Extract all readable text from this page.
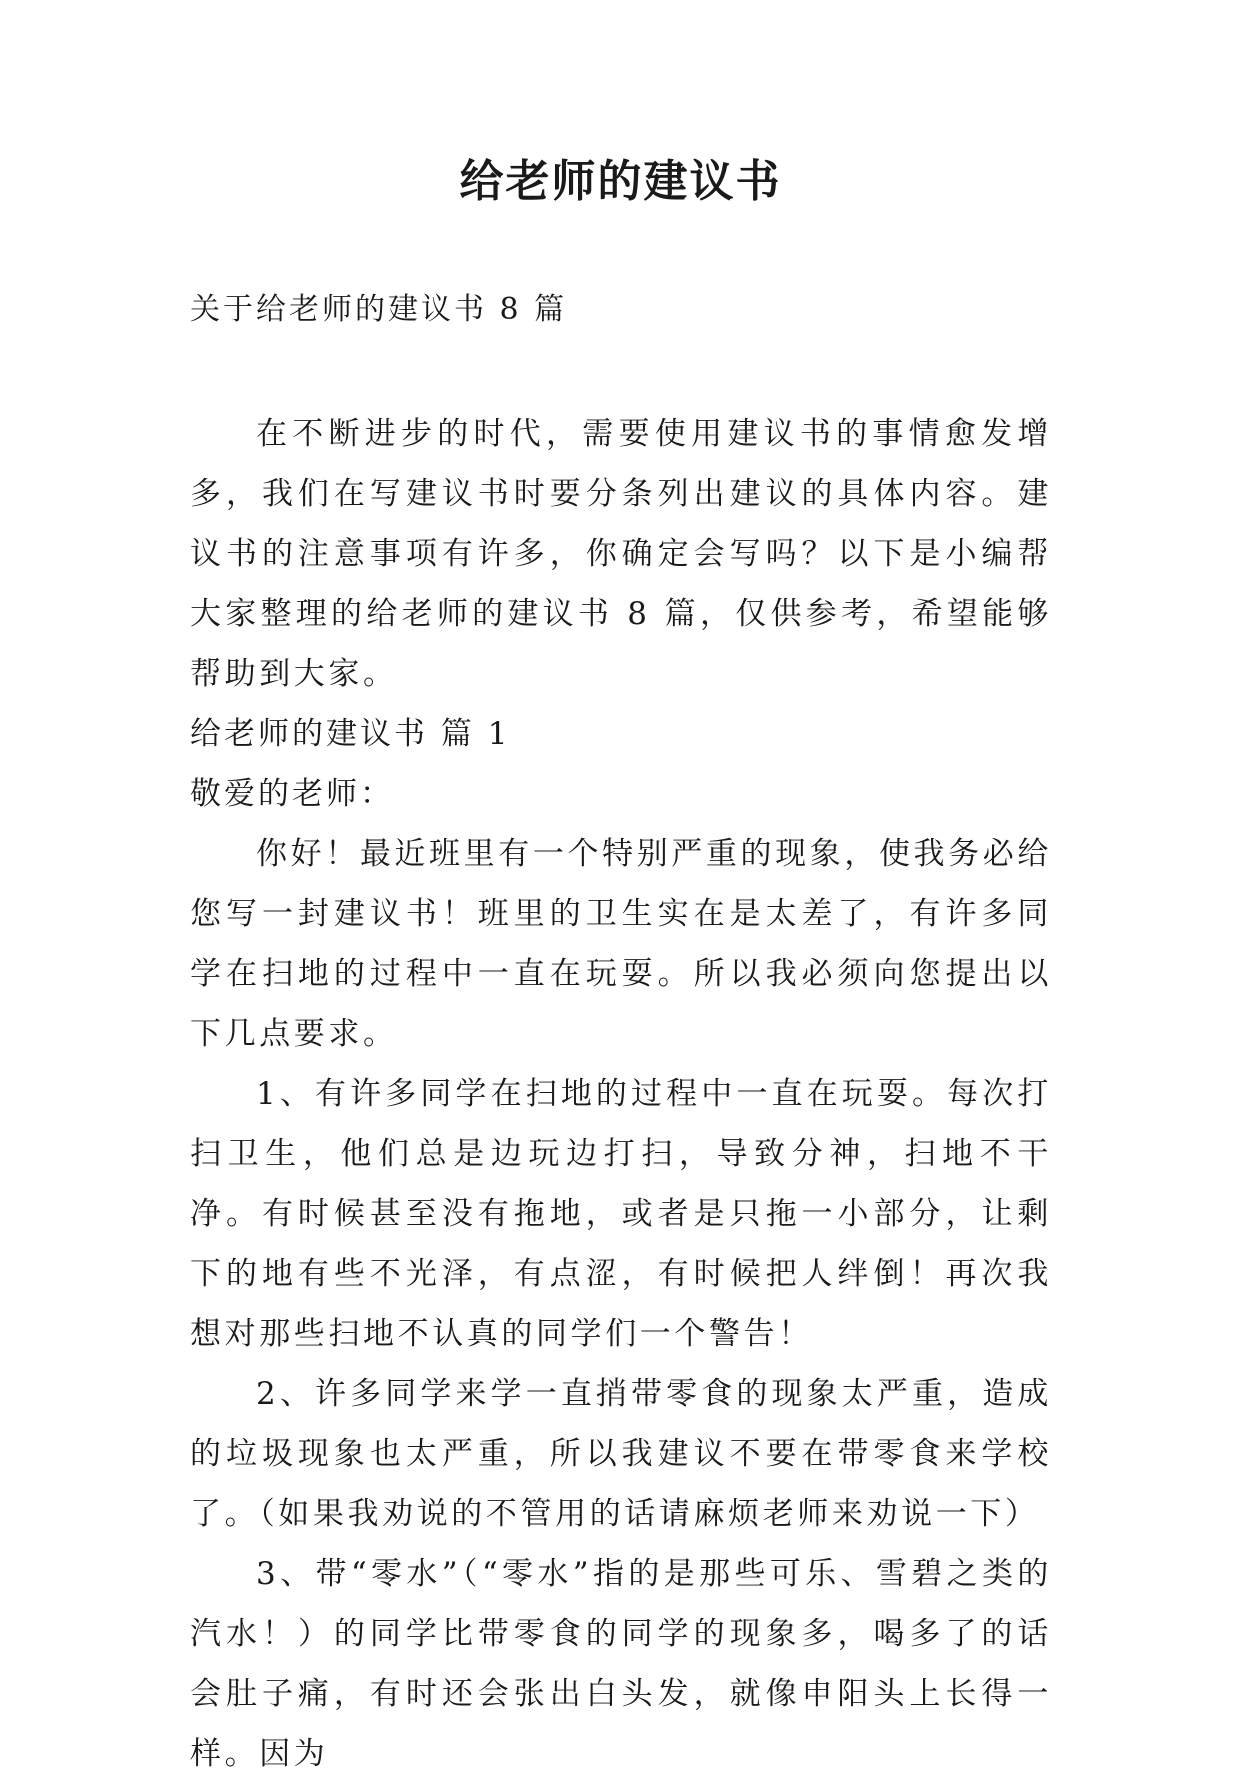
给老师的建议书
关于给老师的建议书 8 篇

在不断进步的时代，需要使用建议书的事情愈发增多，我们在写建议书时要分条列出建议的具体内容。建议书的注意事项有许多，你确定会写吗？以下是小编帮大家整理的给老师的建议书 8 篇，仅供参考，希望能够帮助到大家。

给老师的建议书 篇 1

敬爱的老师：

你好！最近班里有一个特别严重的现象，使我务必给您写一封建议书！班里的卫生实在是太差了，有许多同学在扫地的过程中一直在玩耍。所以我必须向您提出以下几点要求。

1、有许多同学在扫地的过程中一直在玩耍。每次打扫卫生，他们总是边玩边打扫，导致分神，扫地不干净。有时候甚至没有拖地，或者是只拖一小部分，让剩下的地有些不光泽，有点涩，有时候把人绊倒！再次我想对那些扫地不认真的同学们一个警告！

2、许多同学来学一直捎带零食的现象太严重，造成的垃圾现象也太严重，所以我建议不要在带零食来学校了。（如果我劝说的不管用的话请麻烦老师来劝说一下）

3、带“零水”（“零水”指的是那些可乐、雪碧之类的汽水！）的同学比带零食的同学的现象多，喝多了的话会肚子痛，有时还会张出白头发，就像申阳头上长得一样。因为
